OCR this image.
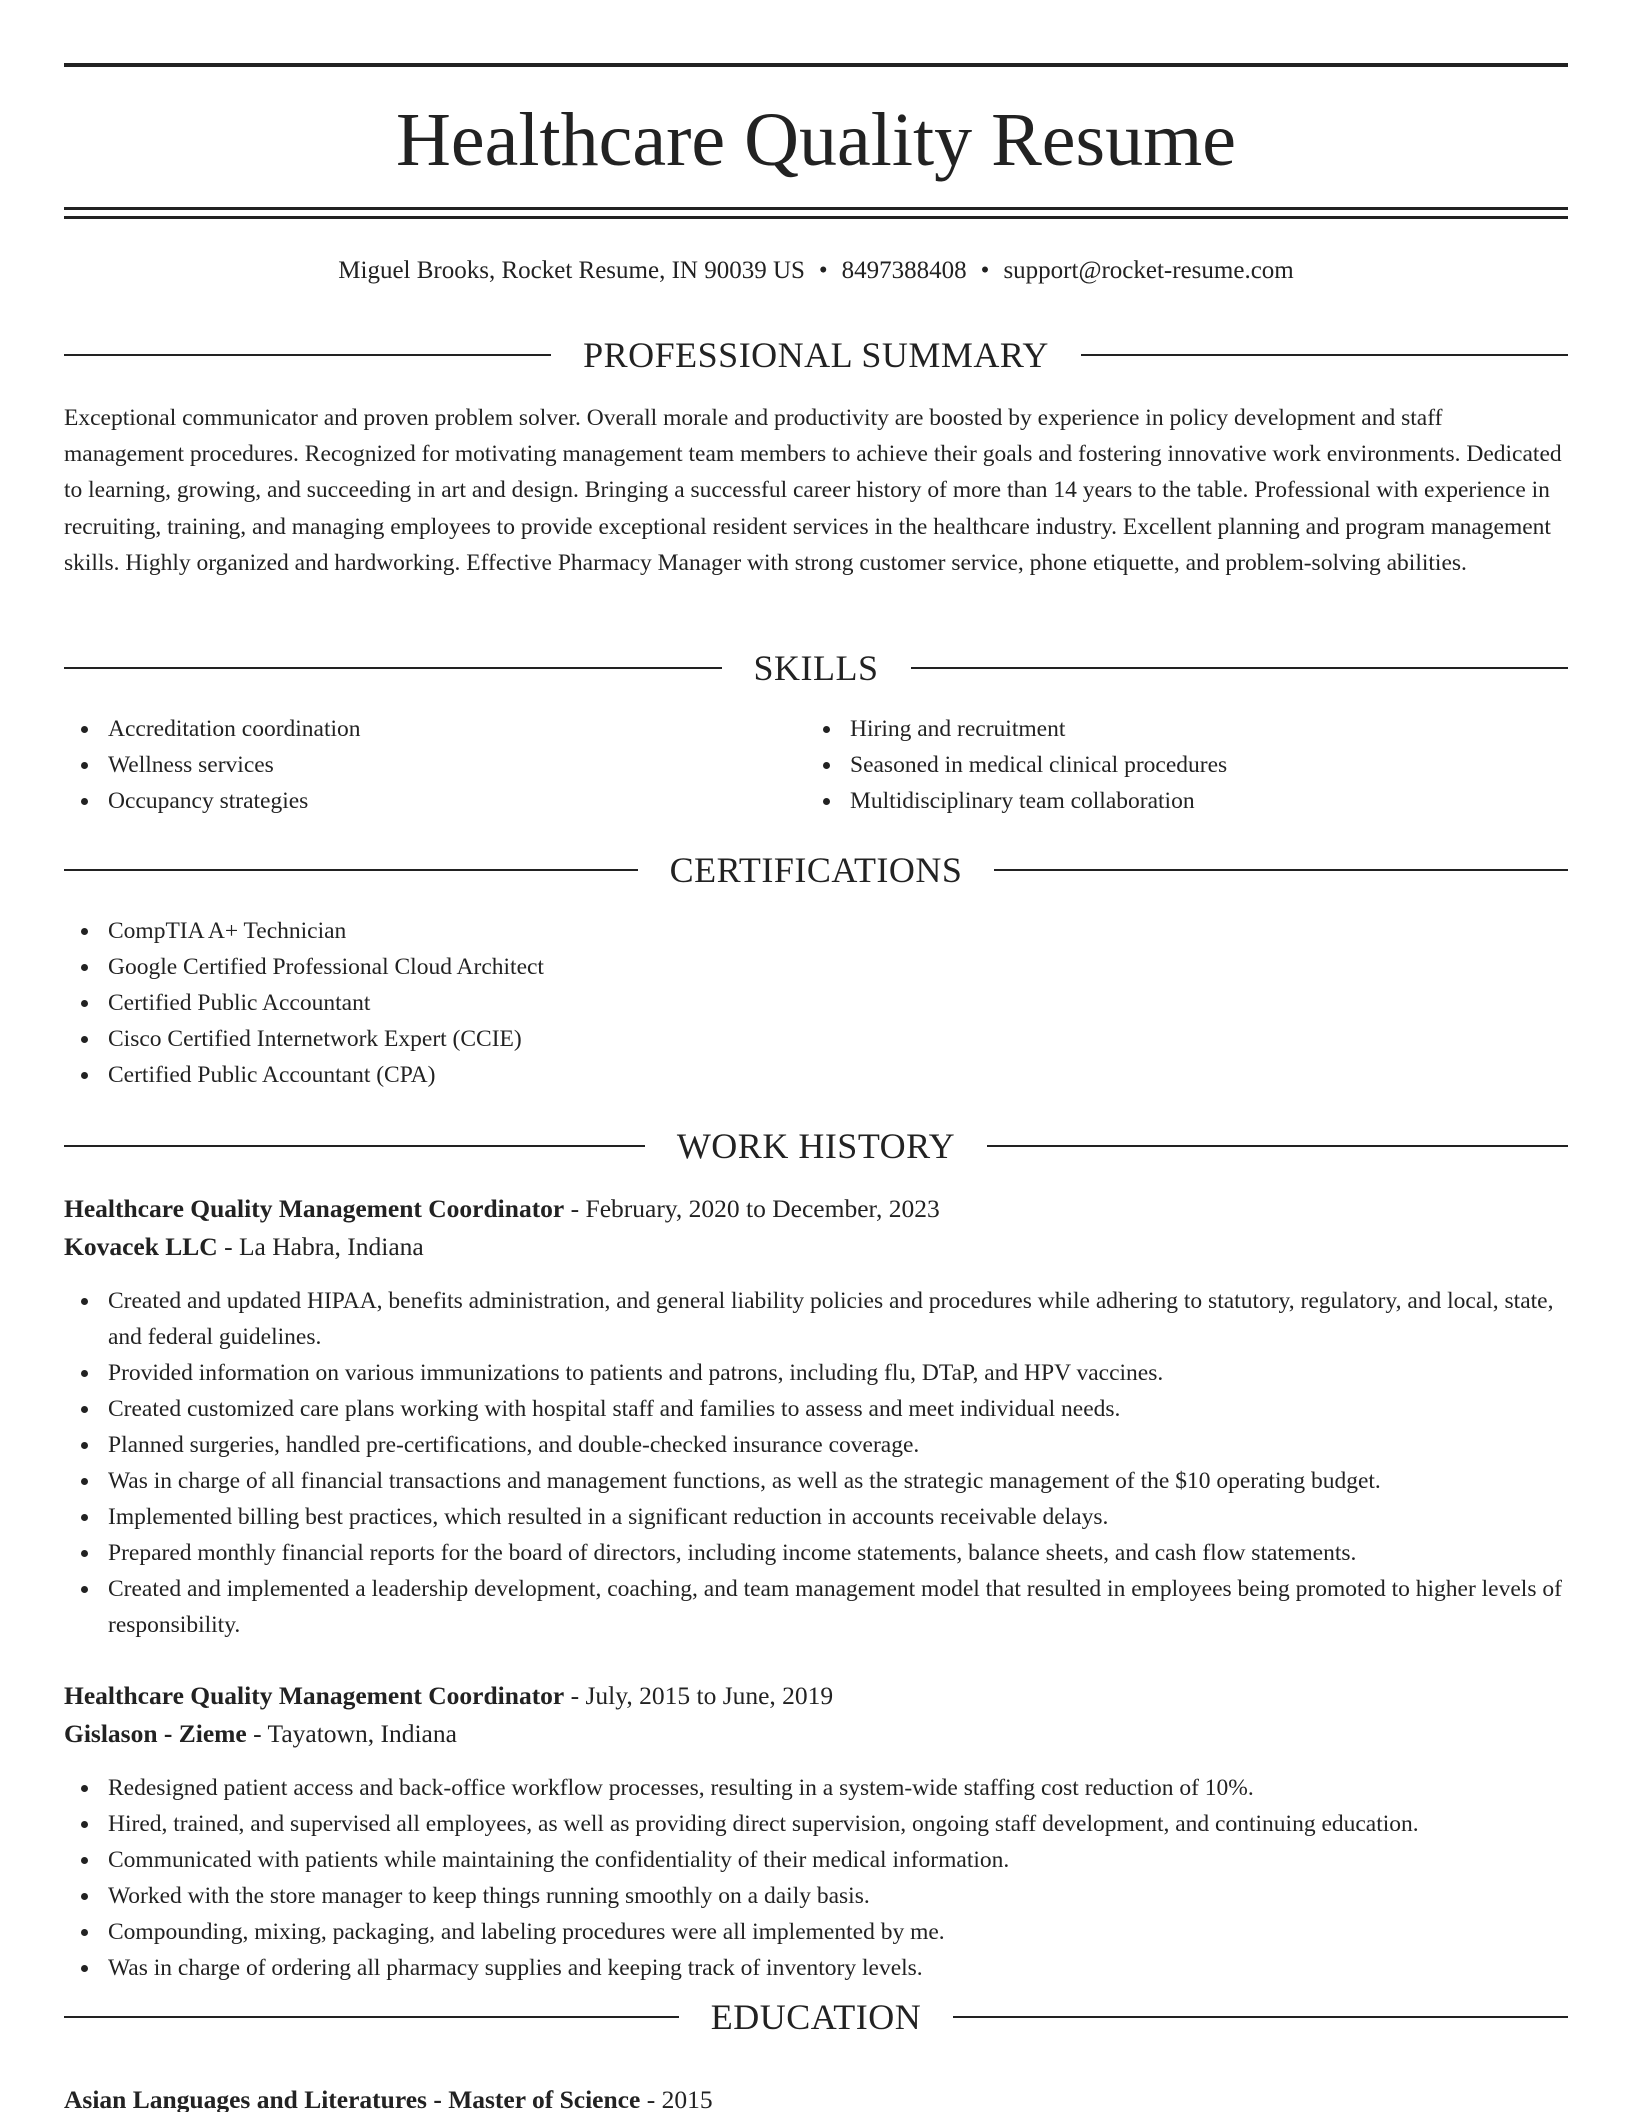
Healthcare Quality Resume
Miguel Brooks, Rocket Resume, IN 90039 US • 8497388408 • support@rocket-resume.com
PROFESSIONAL SUMMARY

Exceptional communicator and proven problem solver. Overall morale and productivity are boosted by experience in policy development and staff management procedures. Recognized for motivating management team members to achieve their goals and fostering innovative work environments. Dedicated to learning, growing, and succeeding in art and design. Bringing a successful career history of more than 14 years to the table. Professional with experience in recruiting, training, and managing employees to provide exceptional resident services in the healthcare industry. Excellent planning and program management skills. Highly organized and hardworking. Effective Pharmacy Manager with strong customer service, phone etiquette, and problem-solving abilities.

SKILLS
Accreditation coordination
Wellness services
Occupancy strategies
Hiring and recruitment
Seasoned in medical clinical procedures
Multidisciplinary team collaboration
CERTIFICATIONS
CompTIA A+ Technician
Google Certified Professional Cloud Architect
Certified Public Accountant
Cisco Certified Internetwork Expert (CCIE)
Certified Public Accountant (CPA)
WORK HISTORY
Healthcare Quality Management Coordinator - February, 2020 to December, 2023
Kovacek LLC - La Habra, Indiana
Created and updated HIPAA, benefits administration, and general liability policies and procedures while adhering to statutory, regulatory, and local, state, and federal guidelines.
Provided information on various immunizations to patients and patrons, including flu, DTaP, and HPV vaccines.
Created customized care plans working with hospital staff and families to assess and meet individual needs.
Planned surgeries, handled pre-certifications, and double-checked insurance coverage.
Was in charge of all financial transactions and management functions, as well as the strategic management of the $10 operating budget.
Implemented billing best practices, which resulted in a significant reduction in accounts receivable delays.
Prepared monthly financial reports for the board of directors, including income statements, balance sheets, and cash flow statements.
Created and implemented a leadership development, coaching, and team management model that resulted in employees being promoted to higher levels of responsibility.
Healthcare Quality Management Coordinator - July, 2015 to June, 2019
Gislason - Zieme - Tayatown, Indiana
Redesigned patient access and back-office workflow processes, resulting in a system-wide staffing cost reduction of 10%.
Hired, trained, and supervised all employees, as well as providing direct supervision, ongoing staff development, and continuing education.
Communicated with patients while maintaining the confidentiality of their medical information.
Worked with the store manager to keep things running smoothly on a daily basis.
Compounding, mixing, packaging, and labeling procedures were all implemented by me.
Was in charge of ordering all pharmacy supplies and keeping track of inventory levels.
EDUCATION
Asian Languages and Literatures - Master of Science - 2015
